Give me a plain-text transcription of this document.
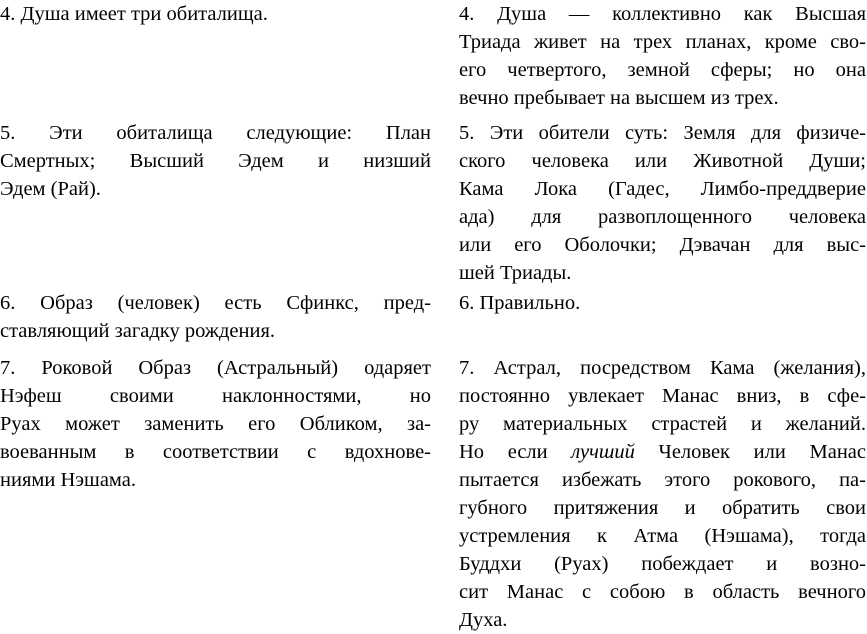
4. Душа имеет три обиталища.
5. Эти обиталища следующие: План
Смертных; Высший Эдем и низший
Эдем (Рай).
6. Образ (человек) есть Сфинкс, пред-
ставляющий загадку рождения.
7. Роковой Образ (Астральный) одаряет
Нэфеш своими наклонностями, но
Руах может заменить его Обликом, за-
воеванным в соответствии с вдохнове-
ниями Нэшама.
4. Душа — коллективно как Высшая
Триада живет на трех планах, кроме сво-
его четвертого, земной сферы; но она
вечно пребывает на высшем из трех.
5. Эти обители суть: Земля для физиче-
ского человека или Животной Души;
Кама Лока (Гадес, Лимбо-преддверие
ада) для развоплощенного человека
или его Оболочки; Дэвачан для выс-
шей Триады.
6. Правильно.
7. Астрал, посредством Кама (желания),
постоянно увлекает Манас вниз, в сфе-
ру материальных страстей и желаний.
Но если лучший Человек или Манас
пытается избежать этого рокового, па-
губного притяжения и обратить свои
устремления к Атма (Нэшама), тогда
Буддхи (Руах) побеждает и возно-
сит Манас с собою в область вечного
Духа.
